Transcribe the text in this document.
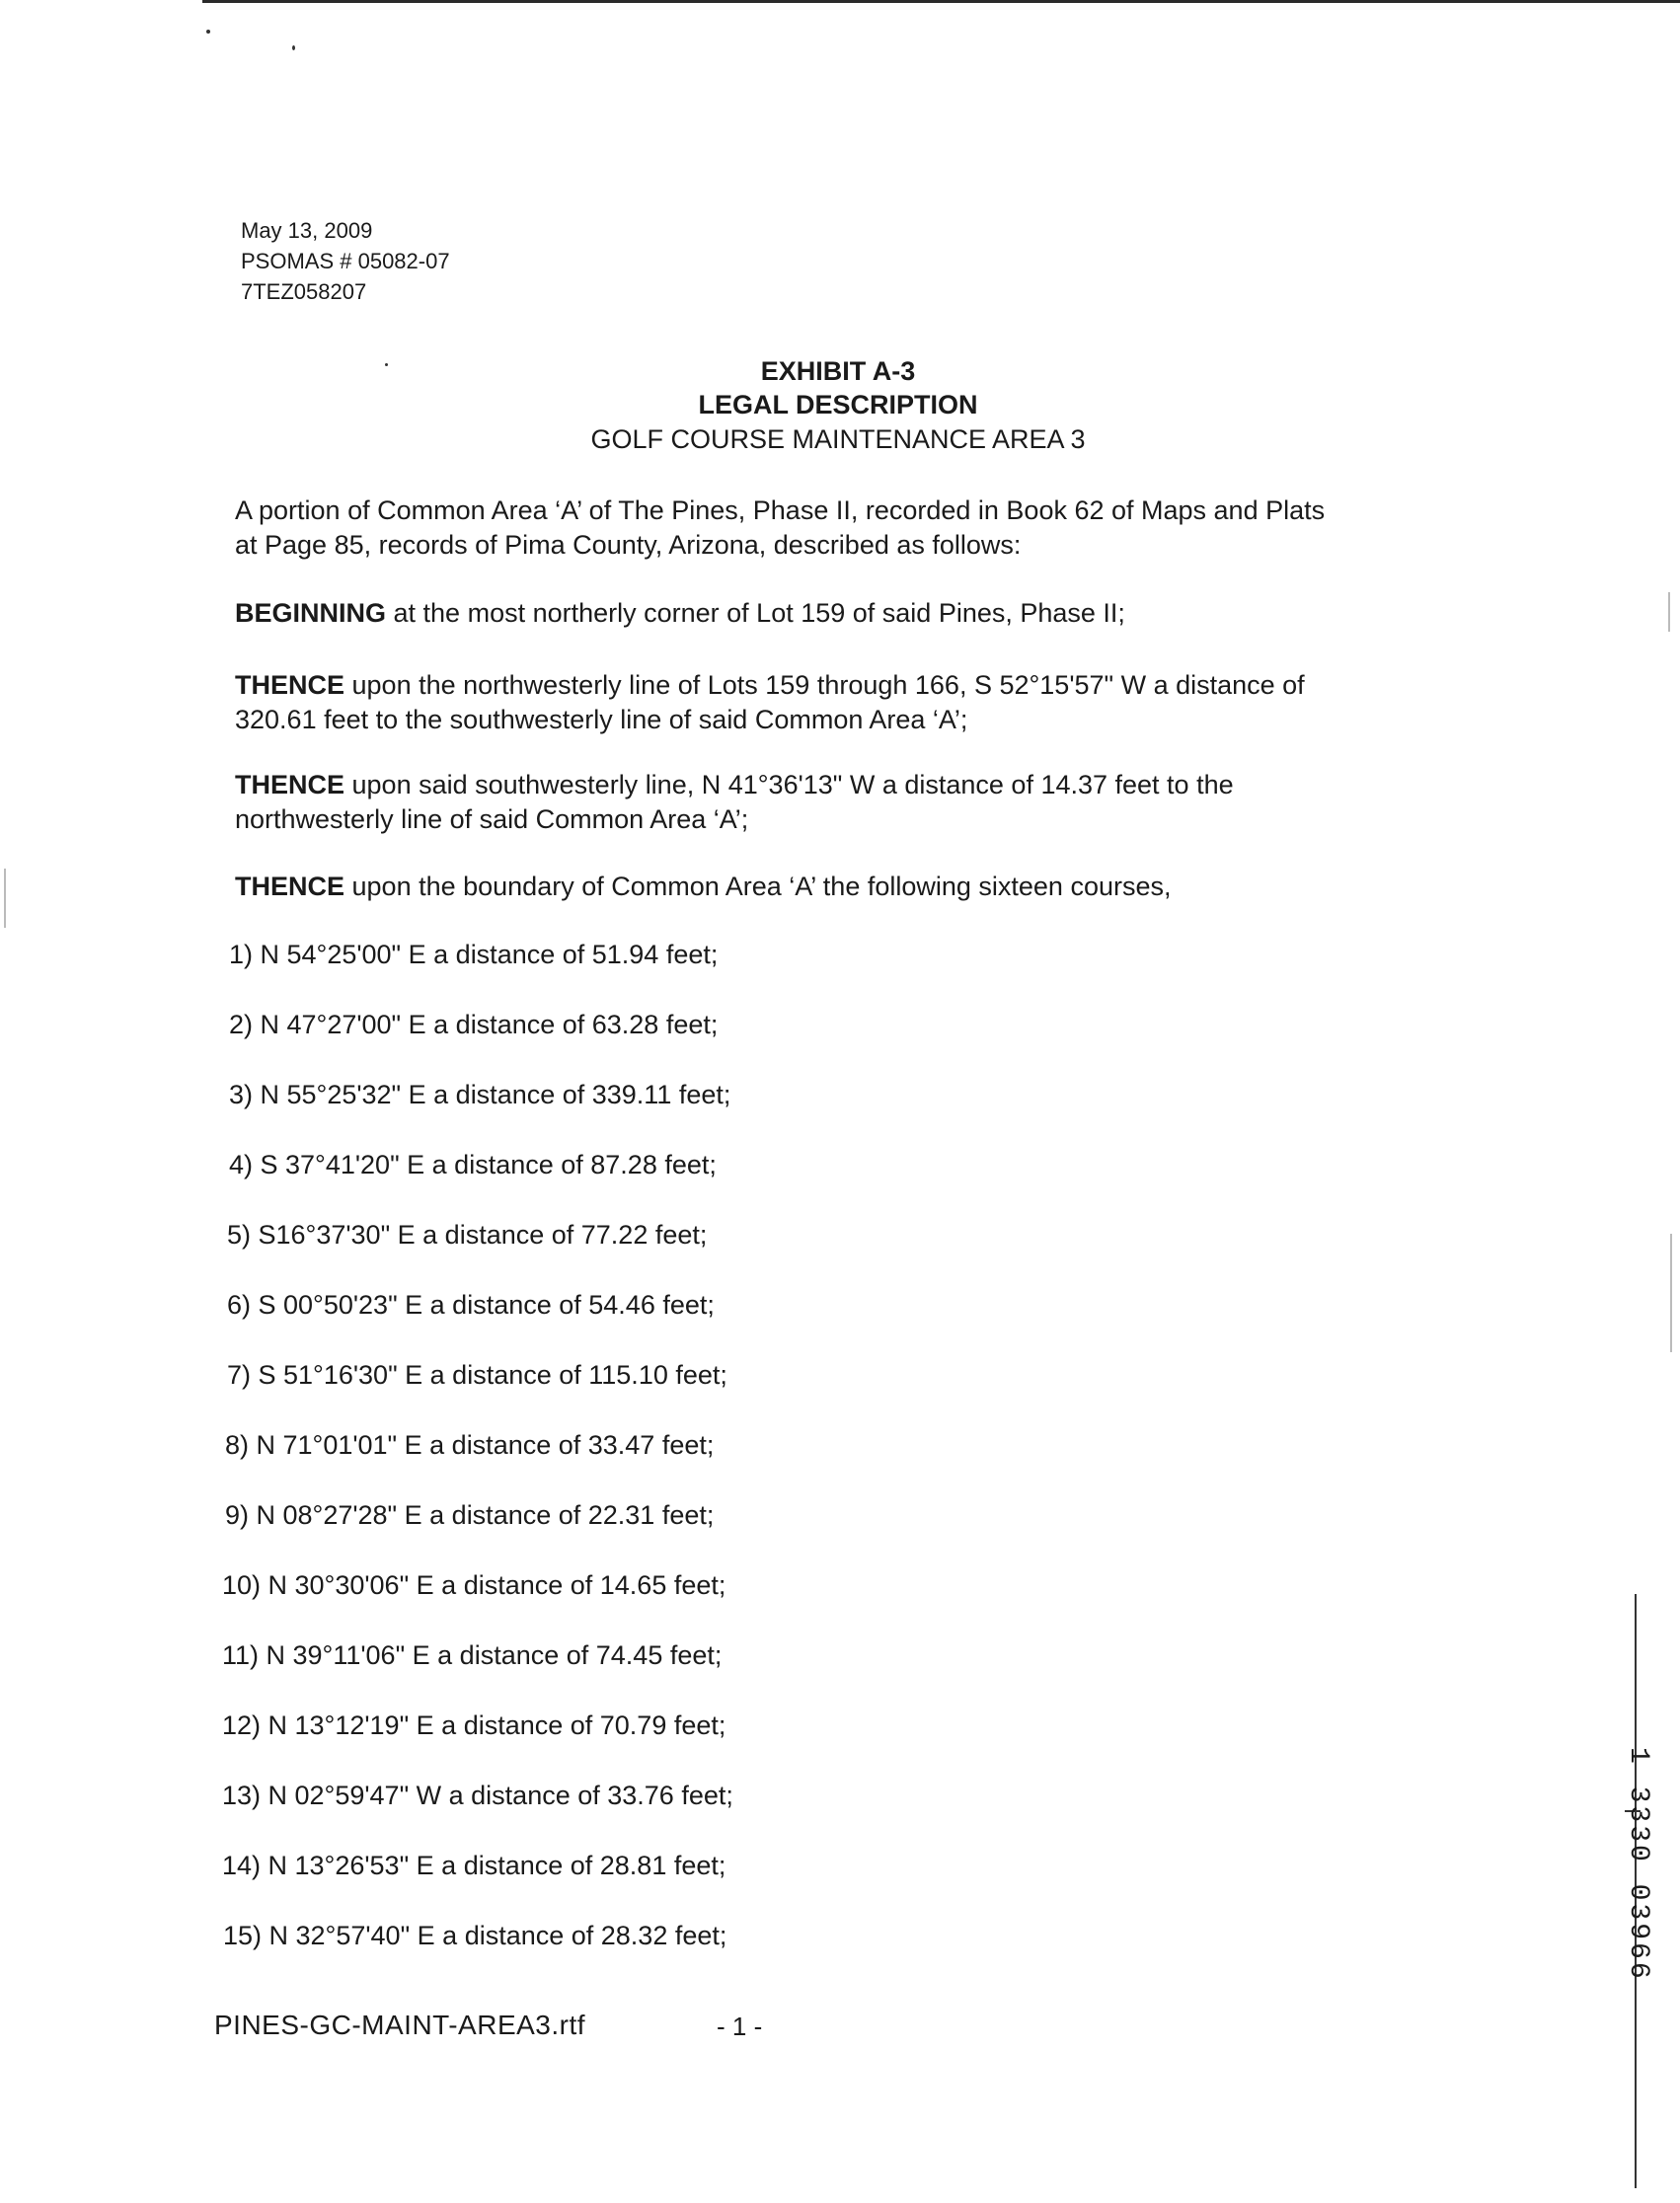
May 13, 2009
PSOMAS # 05082-07
7TEZ058207
EXHIBIT A-3
LEGAL DESCRIPTION
GOLF COURSE MAINTENANCE AREA 3
A portion of Common Area ‘A’ of The Pines, Phase II, recorded in Book 62 of Maps and Plats
at Page 85, records of Pima County, Arizona, described as follows:
BEGINNING at the most northerly corner of Lot 159 of said Pines, Phase II;
THENCE upon the northwesterly line of Lots 159 through 166, S 52°15'57" W a distance of
320.61 feet to the southwesterly line of said Common Area ‘A’;
THENCE upon said southwesterly line, N 41°36'13" W a distance of 14.37 feet to the
northwesterly line of said Common Area ‘A’;
THENCE upon the boundary of Common Area ‘A’ the following sixteen courses,
1) N 54°25'00" E a distance of 51.94 feet;
2) N 47°27'00" E a distance of 63.28 feet;
3) N 55°25'32" E a distance of 339.11 feet;
4) S 37°41'20" E a distance of 87.28 feet;
5) S16°37'30" E a distance of 77.22 feet;
6) S 00°50'23" E a distance of 54.46 feet;
7) S 51°16'30" E a distance of 115.10 feet;
8) N 71°01'01" E a distance of 33.47 feet;
9) N 08°27'28" E a distance of 22.31 feet;
10) N 30°30'06" E a distance of 14.65 feet;
11) N 39°11'06" E a distance of 74.45 feet;
12) N 13°12'19" E a distance of 70.79 feet;
13) N 02°59'47" W a distance of 33.76 feet;
14) N 13°26'53" E a distance of 28.81 feet;
15) N 32°57'40" E a distance of 28.32 feet;
PINES-GC-MAINT-AREA3.rtf	- 1 -
1 3330 03966
